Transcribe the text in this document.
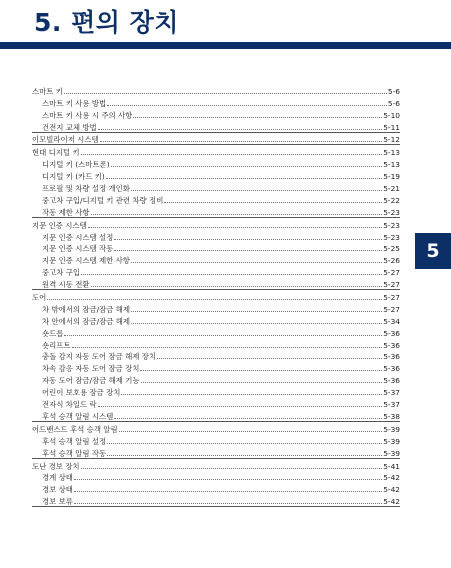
5. 편의 장치
스마트 키	5-6
스마트 키 사용 방법	5-6
스마트 키 사용 시 주의 사항	5-10
건전지 교체 방법	5-11
이모빌라이저 시스템	5-12
현대 디지털 키	5-13
디지털 키 (스마트폰)	5-13
디지털 키 (카드 키)	5-19
프로필 및 차량 설정 개인화	5-21
중고차 구입/디지털 키 관련 차량 정비	5-22
작동 제한 사항	5-23
지문 인증 시스템	5-23
지문 인증 시스템 설정	5-23
지문 인증 시스템 작동	5-25
지문 인증 시스템 제한 사항	5-26
중고차 구입	5-27
원격 시동 전환	5-27
도어	5-27
차 밖에서의 잠금/잠금 해제	5-27
차 안에서의 잠금/잠금 해제	5-34
숏드롭	5-36
숏리프트	5-36
충돌 감지 자동 도어 잠금 해제 장치	5-36
차속 감응 자동 도어 잠금 장치	5-36
자동 도어 잠금/잠금 해제 기능	5-36
어린이 보호용 잠금 장치	5-37
전자식 차일드 락	5-37
후석 승객 알림 시스템	5-38
어드밴스드 후석 승객 알림	5-39
후석 승객 알림 설정	5-39
후석 승객 알림 작동	5-39
도난 경보 장치	5-41
경계 상태	5-42
경보 상태	5-42
경보 보류	5-42
5
